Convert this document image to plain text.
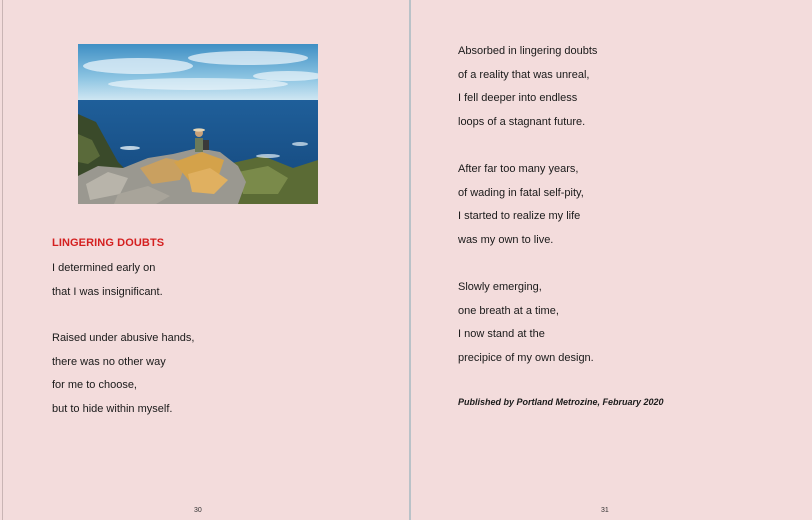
LINGERING DOUBTS
I determined early on
that I was insignificant.
Raised under abusive hands,
there was no other way
for me to choose,
but to hide within myself.
30
Absorbed in lingering doubts
of a reality that was unreal,
I fell deeper into endless
loops of a stagnant future.
After far too many years,
of wading in fatal self-pity,
I started to realize my life
was my own to live.
Slowly emerging,
one breath at a time,
I now stand at the
precipice of my own design.
Published by Portland Metrozine, February 2020
31
